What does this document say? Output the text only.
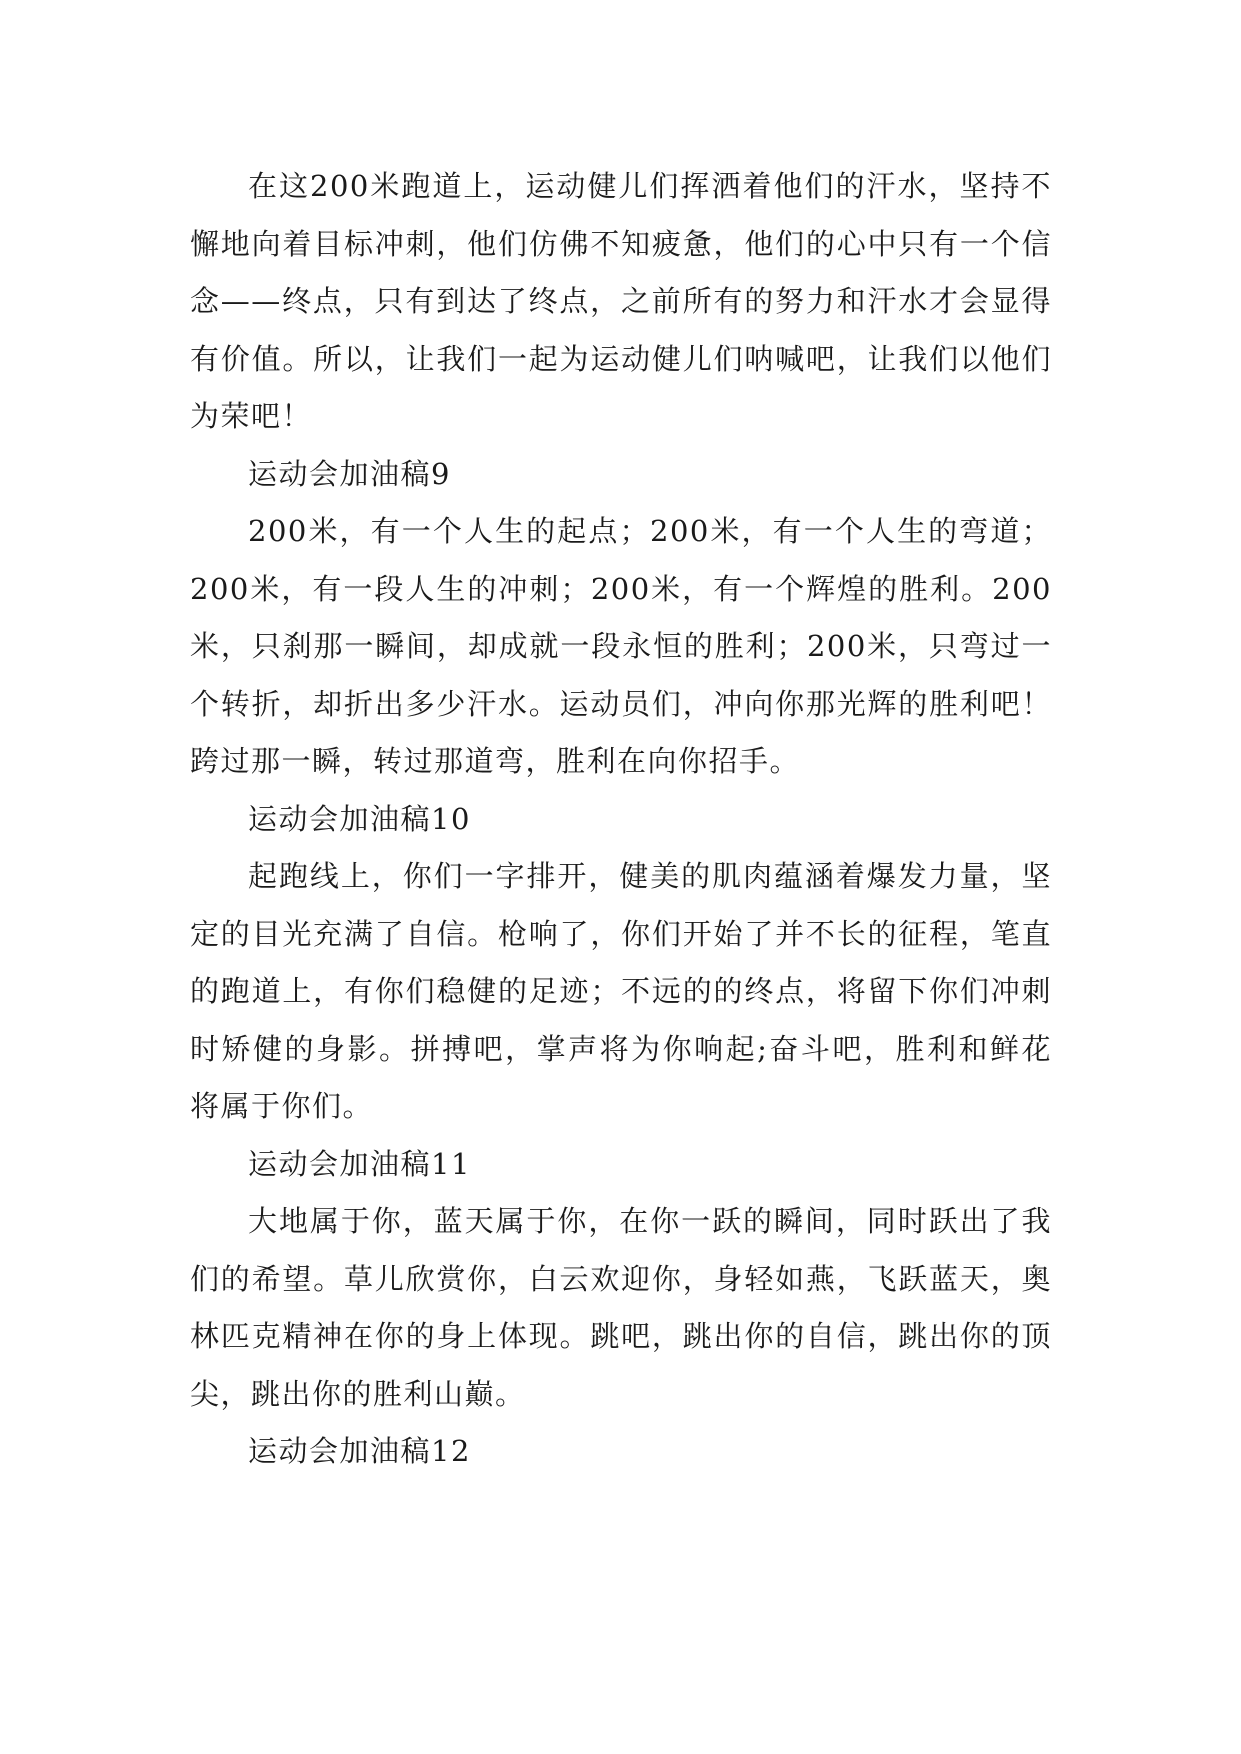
在这200米跑道上，运动健儿们挥洒着他们的汗水，坚持不懈地向着目标冲刺，他们仿佛不知疲惫，他们的心中只有一个信念——终点，只有到达了终点，之前所有的努力和汗水才会显得有价值。所以，让我们一起为运动健儿们呐喊吧，让我们以他们为荣吧！

运动会加油稿9

200米，有一个人生的起点；200米，有一个人生的弯道；200米，有一段人生的冲刺；200米，有一个辉煌的胜利。200米，只刹那一瞬间，却成就一段永恒的胜利；200米，只弯过一个转折，却折出多少汗水。运动员们，冲向你那光辉的胜利吧！跨过那一瞬，转过那道弯，胜利在向你招手。

运动会加油稿10

起跑线上，你们一字排开，健美的肌肉蕴涵着爆发力量，坚定的目光充满了自信。枪响了，你们开始了并不长的征程，笔直的跑道上，有你们稳健的足迹；不远的的终点，将留下你们冲刺时矫健的身影。拼搏吧，掌声将为你响起;奋斗吧，胜利和鲜花将属于你们。

运动会加油稿11

大地属于你，蓝天属于你，在你一跃的瞬间，同时跃出了我们的希望。草儿欣赏你，白云欢迎你，身轻如燕，飞跃蓝天，奥林匹克精神在你的身上体现。跳吧，跳出你的自信，跳出你的顶尖，跳出你的胜利山巅。

运动会加油稿12
